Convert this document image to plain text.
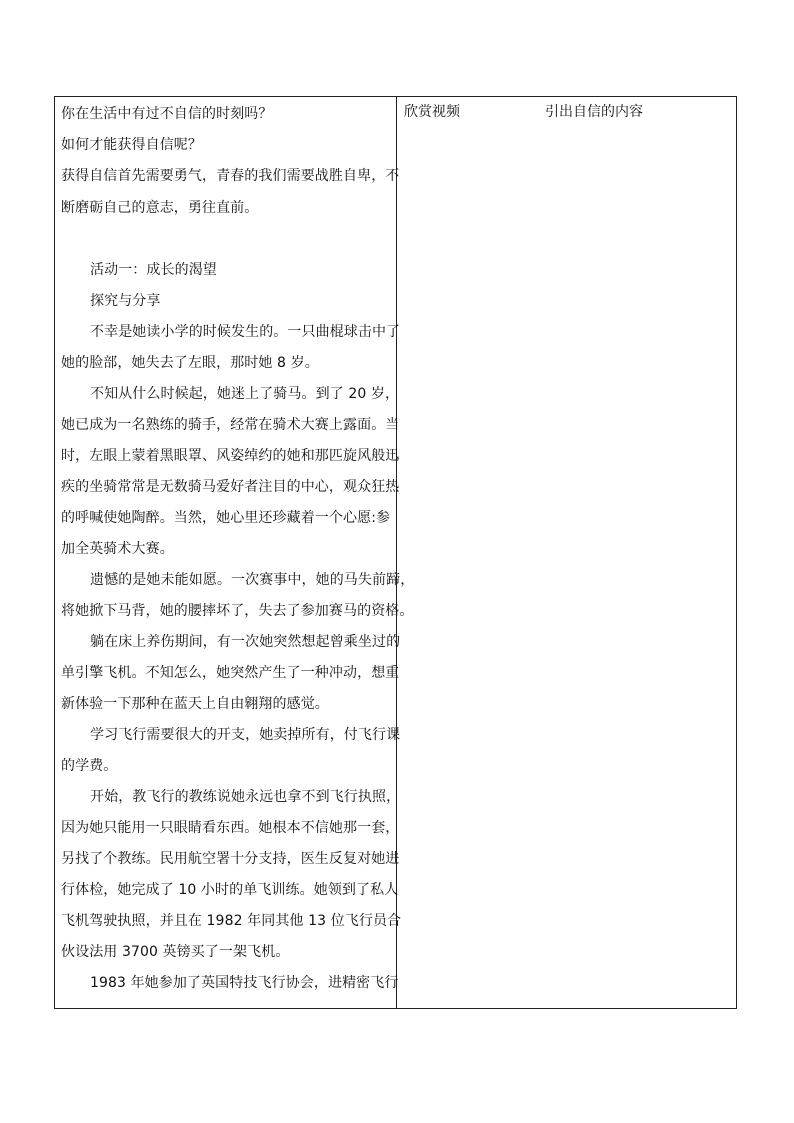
你在生活中有过不自信的时刻吗？
如何才能获得自信呢？
获得自信首先需要勇气，青春的我们需要战胜自卑，不
断磨砺自己的意志，勇往直前。
活动一：成长的渴望
探究与分享
不幸是她读小学的时候发生的。一只曲棍球击中了
她的脸部，她失去了左眼，那时她 8 岁。
不知从什么时候起，她迷上了骑马。到了 20 岁，
她已成为一名熟练的骑手，经常在骑术大赛上露面。当
时，左眼上蒙着黑眼罩、风姿绰约的她和那匹旋风般迅
疾的坐骑常常是无数骑马爱好者注目的中心，观众狂热
的呼喊使她陶醉。当然，她心里还珍藏着一个心愿:参
加全英骑术大赛。
遗憾的是她未能如愿。一次赛事中，她的马失前蹄，
将她掀下马背，她的腰摔坏了，失去了参加赛马的资格。
躺在床上养伤期间，有一次她突然想起曾乘坐过的
单引擎飞机。不知怎么，她突然产生了一种冲动，想重
新体验一下那种在蓝天上自由翱翔的感觉。
学习飞行需要很大的开支，她卖掉所有，付飞行课
的学费。
开始，教飞行的教练说她永远也拿不到飞行执照，
因为她只能用一只眼睛看东西。她根本不信她那一套，
另找了个教练。民用航空署十分支持，医生反复对她进
行体检，她完成了 10 小时的单飞训练。她领到了私人
飞机驾驶执照，并且在 1982 年同其他 13 位飞行员合
伙设法用 3700 英镑买了一架飞机。
1983 年她参加了英国特技飞行协会，进精密飞行
欣赏视频	引出自信的内容
